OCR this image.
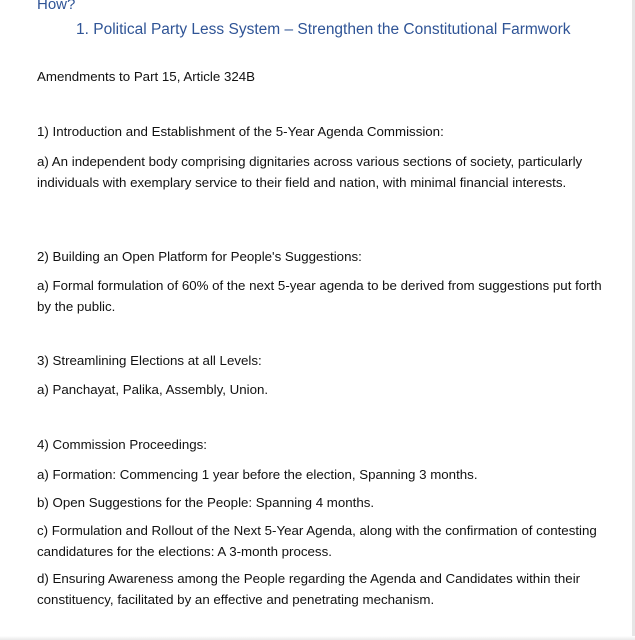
How?
1. Political Party Less System – Strengthen the Constitutional Farmwork
Amendments to Part 15, Article 324B
1) Introduction and Establishment of the 5-Year Agenda Commission:
a) An independent body comprising dignitaries across various sections of society, particularly individuals with exemplary service to their field and nation, with minimal financial interests.
2) Building an Open Platform for People's Suggestions:
a) Formal formulation of 60% of the next 5-year agenda to be derived from suggestions put forth by the public.
3) Streamlining Elections at all Levels:
a) Panchayat, Palika, Assembly, Union.
4) Commission Proceedings:
a) Formation: Commencing 1 year before the election, Spanning 3 months.
b) Open Suggestions for the People: Spanning 4 months.
c) Formulation and Rollout of the Next 5-Year Agenda, along with the confirmation of contesting candidatures for the elections: A 3-month process.
d) Ensuring Awareness among the People regarding the Agenda and Candidates within their constituency, facilitated by an effective and penetrating mechanism.
